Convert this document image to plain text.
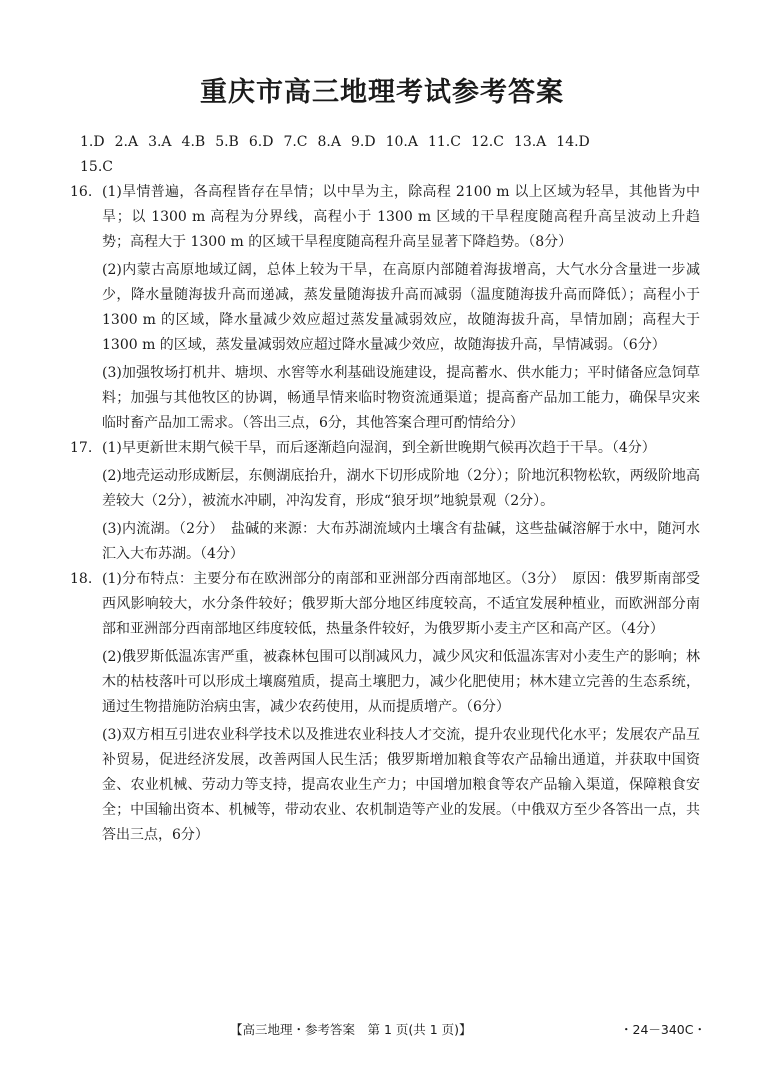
重庆市高三地理考试参考答案
1.D 2.A 3.A 4.B 5.B 6.D 7.C 8.A 9.D 10.A 11.C 12.C 13.A 14.D
15.C
16. (1)旱情普遍，各高程皆存在旱情；以中旱为主，除高程 2100 m 以上区域为轻旱，其他皆为中旱；以 1300 m 高程为分界线，高程小于 1300 m 区域的干旱程度随高程升高呈波动上升趋势；高程大于 1300 m 的区域干旱程度随高程升高呈显著下降趋势。（8分）
(2)内蒙古高原地域辽阔，总体上较为干旱，在高原内部随着海拔增高，大气水分含量进一步减少，降水量随海拔升高而递减，蒸发量随海拔升高而减弱（温度随海拔升高而降低）；高程小于 1300 m 的区域，降水量减少效应超过蒸发量减弱效应，故随海拔升高，旱情加剧；高程大于 1300 m 的区域，蒸发量减弱效应超过降水量减少效应，故随海拔升高，旱情减弱。（6分）
(3)加强牧场打机井、塘坝、水窖等水利基础设施建设，提高蓄水、供水能力；平时储备应急饲草料；加强与其他牧区的协调，畅通旱情来临时物资流通渠道；提高畜产品加工能力，确保旱灾来临时畜产品加工需求。（答出三点，6分，其他答案合理可酌情给分）
17. (1)早更新世末期气候干旱，而后逐渐趋向湿润，到全新世晚期气候再次趋于干旱。（4分）
(2)地壳运动形成断层，东侧湖底抬升，湖水下切形成阶地（2分）；阶地沉积物松软，两级阶地高差较大（2分），被流水冲刷，冲沟发育，形成“狼牙坝”地貌景观（2分）。
(3)内流湖。（2分）　盐碱的来源：大布苏湖流域内土壤含有盐碱，这些盐碱溶解于水中，随河水汇入大布苏湖。（4分）
18. (1)分布特点：主要分布在欧洲部分的南部和亚洲部分西南部地区。（3分）　原因：俄罗斯南部受西风影响较大，水分条件较好；俄罗斯大部分地区纬度较高，不适宜发展种植业，而欧洲部分南部和亚洲部分西南部地区纬度较低，热量条件较好，为俄罗斯小麦主产区和高产区。（4分）
(2)俄罗斯低温冻害严重，被森林包围可以削减风力，减少风灾和低温冻害对小麦生产的影响；林木的枯枝落叶可以形成土壤腐殖质，提高土壤肥力，减少化肥使用；林木建立完善的生态系统，通过生物措施防治病虫害，减少农药使用，从而提质增产。（6分）
(3)双方相互引进农业科学技术以及推进农业科技人才交流，提升农业现代化水平；发展农产品互补贸易，促进经济发展，改善两国人民生活；俄罗斯增加粮食等农产品输出通道，并获取中国资金、农业机械、劳动力等支持，提高农业生产力；中国增加粮食等农产品输入渠道，保障粮食安全；中国输出资本、机械等，带动农业、农机制造等产业的发展。（中俄双方至少各答出一点，共答出三点，6分）
【高三地理・参考答案　第 1 页(共 1 页)】	・24－340C・
